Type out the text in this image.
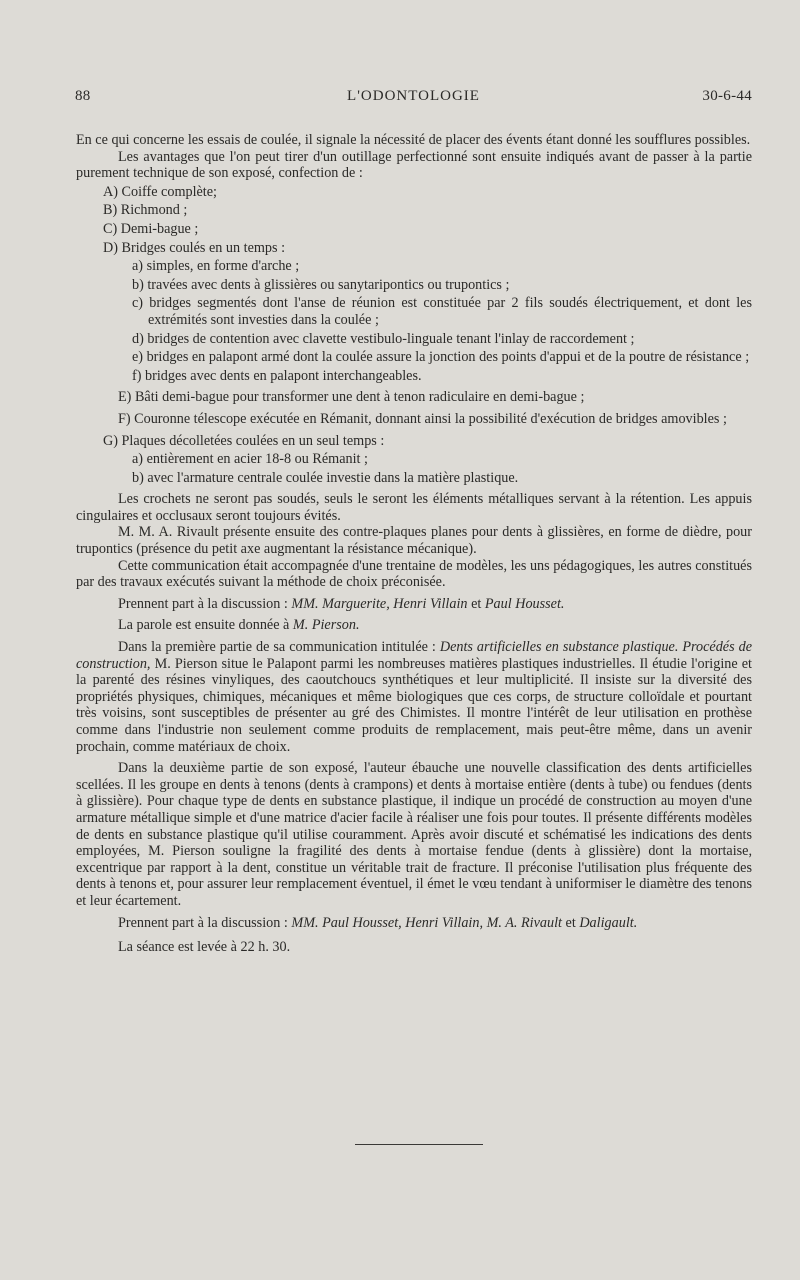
88	L'ODONTOLOGIE	30-6-44

En ce qui concerne les essais de coulée, il signale la nécessité de placer des évents étant donné les soufflures possibles.

Les avantages que l'on peut tirer d'un outillage perfectionné sont ensuite indiqués avant de passer à la partie purement technique de son exposé, confection de :

A) Coiffe complète;

B) Richmond ;

C) Demi-bague ;

D) Bridges coulés en un temps :

a) simples, en forme d'arche ;

b) travées avec dents à glissières ou sanytaripontics ou trupontics ;

c) bridges segmentés dont l'anse de réunion est constituée par 2 fils soudés électriquement, et dont les extrémités sont investies dans la coulée ;

d) bridges de contention avec clavette vestibulo-linguale tenant l'inlay de raccordement ;

e) bridges en palapont armé dont la coulée assure la jonction des points d'appui et de la poutre de résistance ;

f) bridges avec dents en palapont interchangeables.

E) Bâti demi-bague pour transformer une dent à tenon radiculaire en demi-bague ;

F) Couronne télescope exécutée en Rémanit, donnant ainsi la possibilité d'exécution de bridges amovibles ;

G) Plaques décolletées coulées en un seul temps :

a) entièrement en acier 18-8 ou Rémanit ;

b) avec l'armature centrale coulée investie dans la matière plastique.

Les crochets ne seront pas soudés, seuls le seront les éléments métalliques servant à la rétention. Les appuis cingulaires et occlusaux seront toujours évités.

M. M. A. Rivault présente ensuite des contre-plaques planes pour dents à glissières, en forme de dièdre, pour trupontics (présence du petit axe augmentant la résistance mécanique).

Cette communication était accompagnée d'une trentaine de modèles, les uns pédagogiques, les autres constitués par des travaux exécutés suivant la méthode de choix préconisée.

Prennent part à la discussion : MM. Marguerite, Henri Villain et Paul Housset.

La parole est ensuite donnée à M. Pierson.

Dans la première partie de sa communication intitulée : Dents artificielles en substance plastique. Procédés de construction, M. Pierson situe le Palapont parmi les nombreuses matières plastiques industrielles. Il étudie l'origine et la parenté des résines vinyliques, des caoutchoucs synthétiques et leur multiplicité. Il insiste sur la diversité des propriétés physiques, chimiques, mécaniques et même biologiques que ces corps, de structure colloïdale et pourtant très voisins, sont susceptibles de présenter au gré des Chimistes. Il montre l'intérêt de leur utilisation en prothèse comme dans l'industrie non seulement comme produits de remplacement, mais peut-être même, dans un avenir prochain, comme matériaux de choix.

Dans la deuxième partie de son exposé, l'auteur ébauche une nouvelle classification des dents artificielles scellées. Il les groupe en dents à tenons (dents à crampons) et dents à mortaise entière (dents à tube) ou fendues (dents à glissière). Pour chaque type de dents en substance plastique, il indique un procédé de construction au moyen d'une armature métallique simple et d'une matrice d'acier facile à réaliser une fois pour toutes. Il présente différents modèles de dents en substance plastique qu'il utilise couramment. Après avoir discuté et schématisé les indications des dents employées, M. Pierson souligne la fragilité des dents à mortaise fendue (dents à glissière) dont la mortaise, excentrique par rapport à la dent, constitue un véritable trait de fracture. Il préconise l'utilisation plus fréquente des dents à tenons et, pour assurer leur remplacement éventuel, il émet le vœu tendant à uniformiser le diamètre des tenons et leur écartement.

Prennent part à la discussion : MM. Paul Housset, Henri Villain, M. A. Rivault et Daligault.

La séance est levée à 22 h. 30.
